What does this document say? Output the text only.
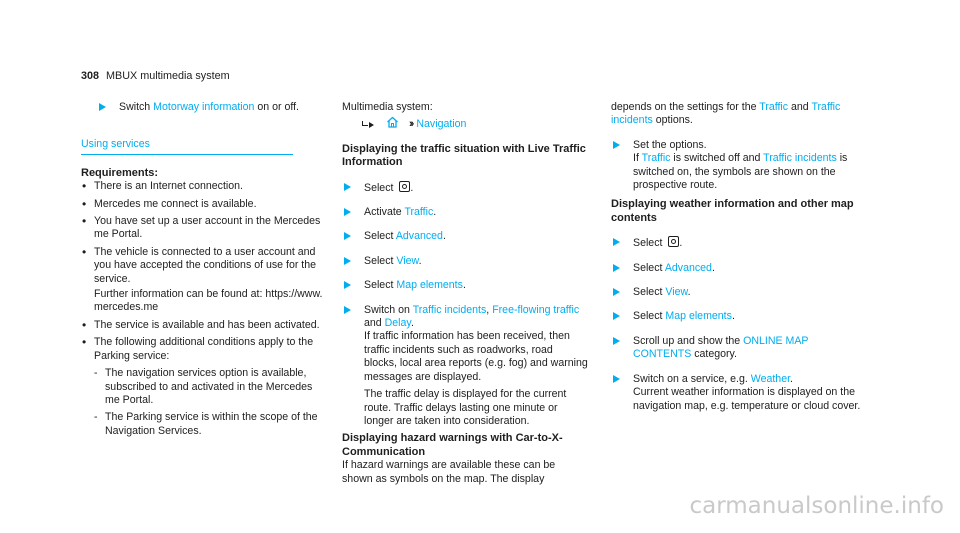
308 MBUX multimedia system
Switch Motorway information on or off.
Using services
Requirements:
• There is an Internet connection.
• Mercedes me connect is available.
• You have set up a user account in the Mercedes me Portal.
• The vehicle is connected to a user account and you have accepted the conditions of use for the service.
Further information can be found at: https://www.mercedes.me
• The service is available and has been activated.
• The following additional conditions apply to the Parking service:
- The navigation services option is available, subscribed to and activated in the Mercedes me Portal.
- The Parking service is within the scope of the Navigation Services.
Multimedia system:
›› Navigation
Displaying the traffic situation with Live Traffic Information
Select .
Activate Traffic.
Select Advanced.
Select View.
Select Map elements.
Switch on Traffic incidents, Free-flowing traffic and Delay.
If traffic information has been received, then traffic incidents such as roadworks, road blocks, local area reports (e.g. fog) and warning messages are displayed.
The traffic delay is displayed for the current route. Traffic delays lasting one minute or longer are taken into consideration.
Displaying hazard warnings with Car-to-X-Communication
If hazard warnings are available these can be shown as symbols on the map. The display
depends on the settings for the Traffic and Traffic incidents options.
Set the options.
If Traffic is switched off and Traffic incidents is switched on, the symbols are shown on the prospective route.
Displaying weather information and other map contents
Select .
Select Advanced.
Select View.
Select Map elements.
Scroll up and show the ONLINE MAP CONTENTS category.
Switch on a service, e.g. Weather.
Current weather information is displayed on the navigation map, e.g. temperature or cloud cover.
carmanualsonline.info
